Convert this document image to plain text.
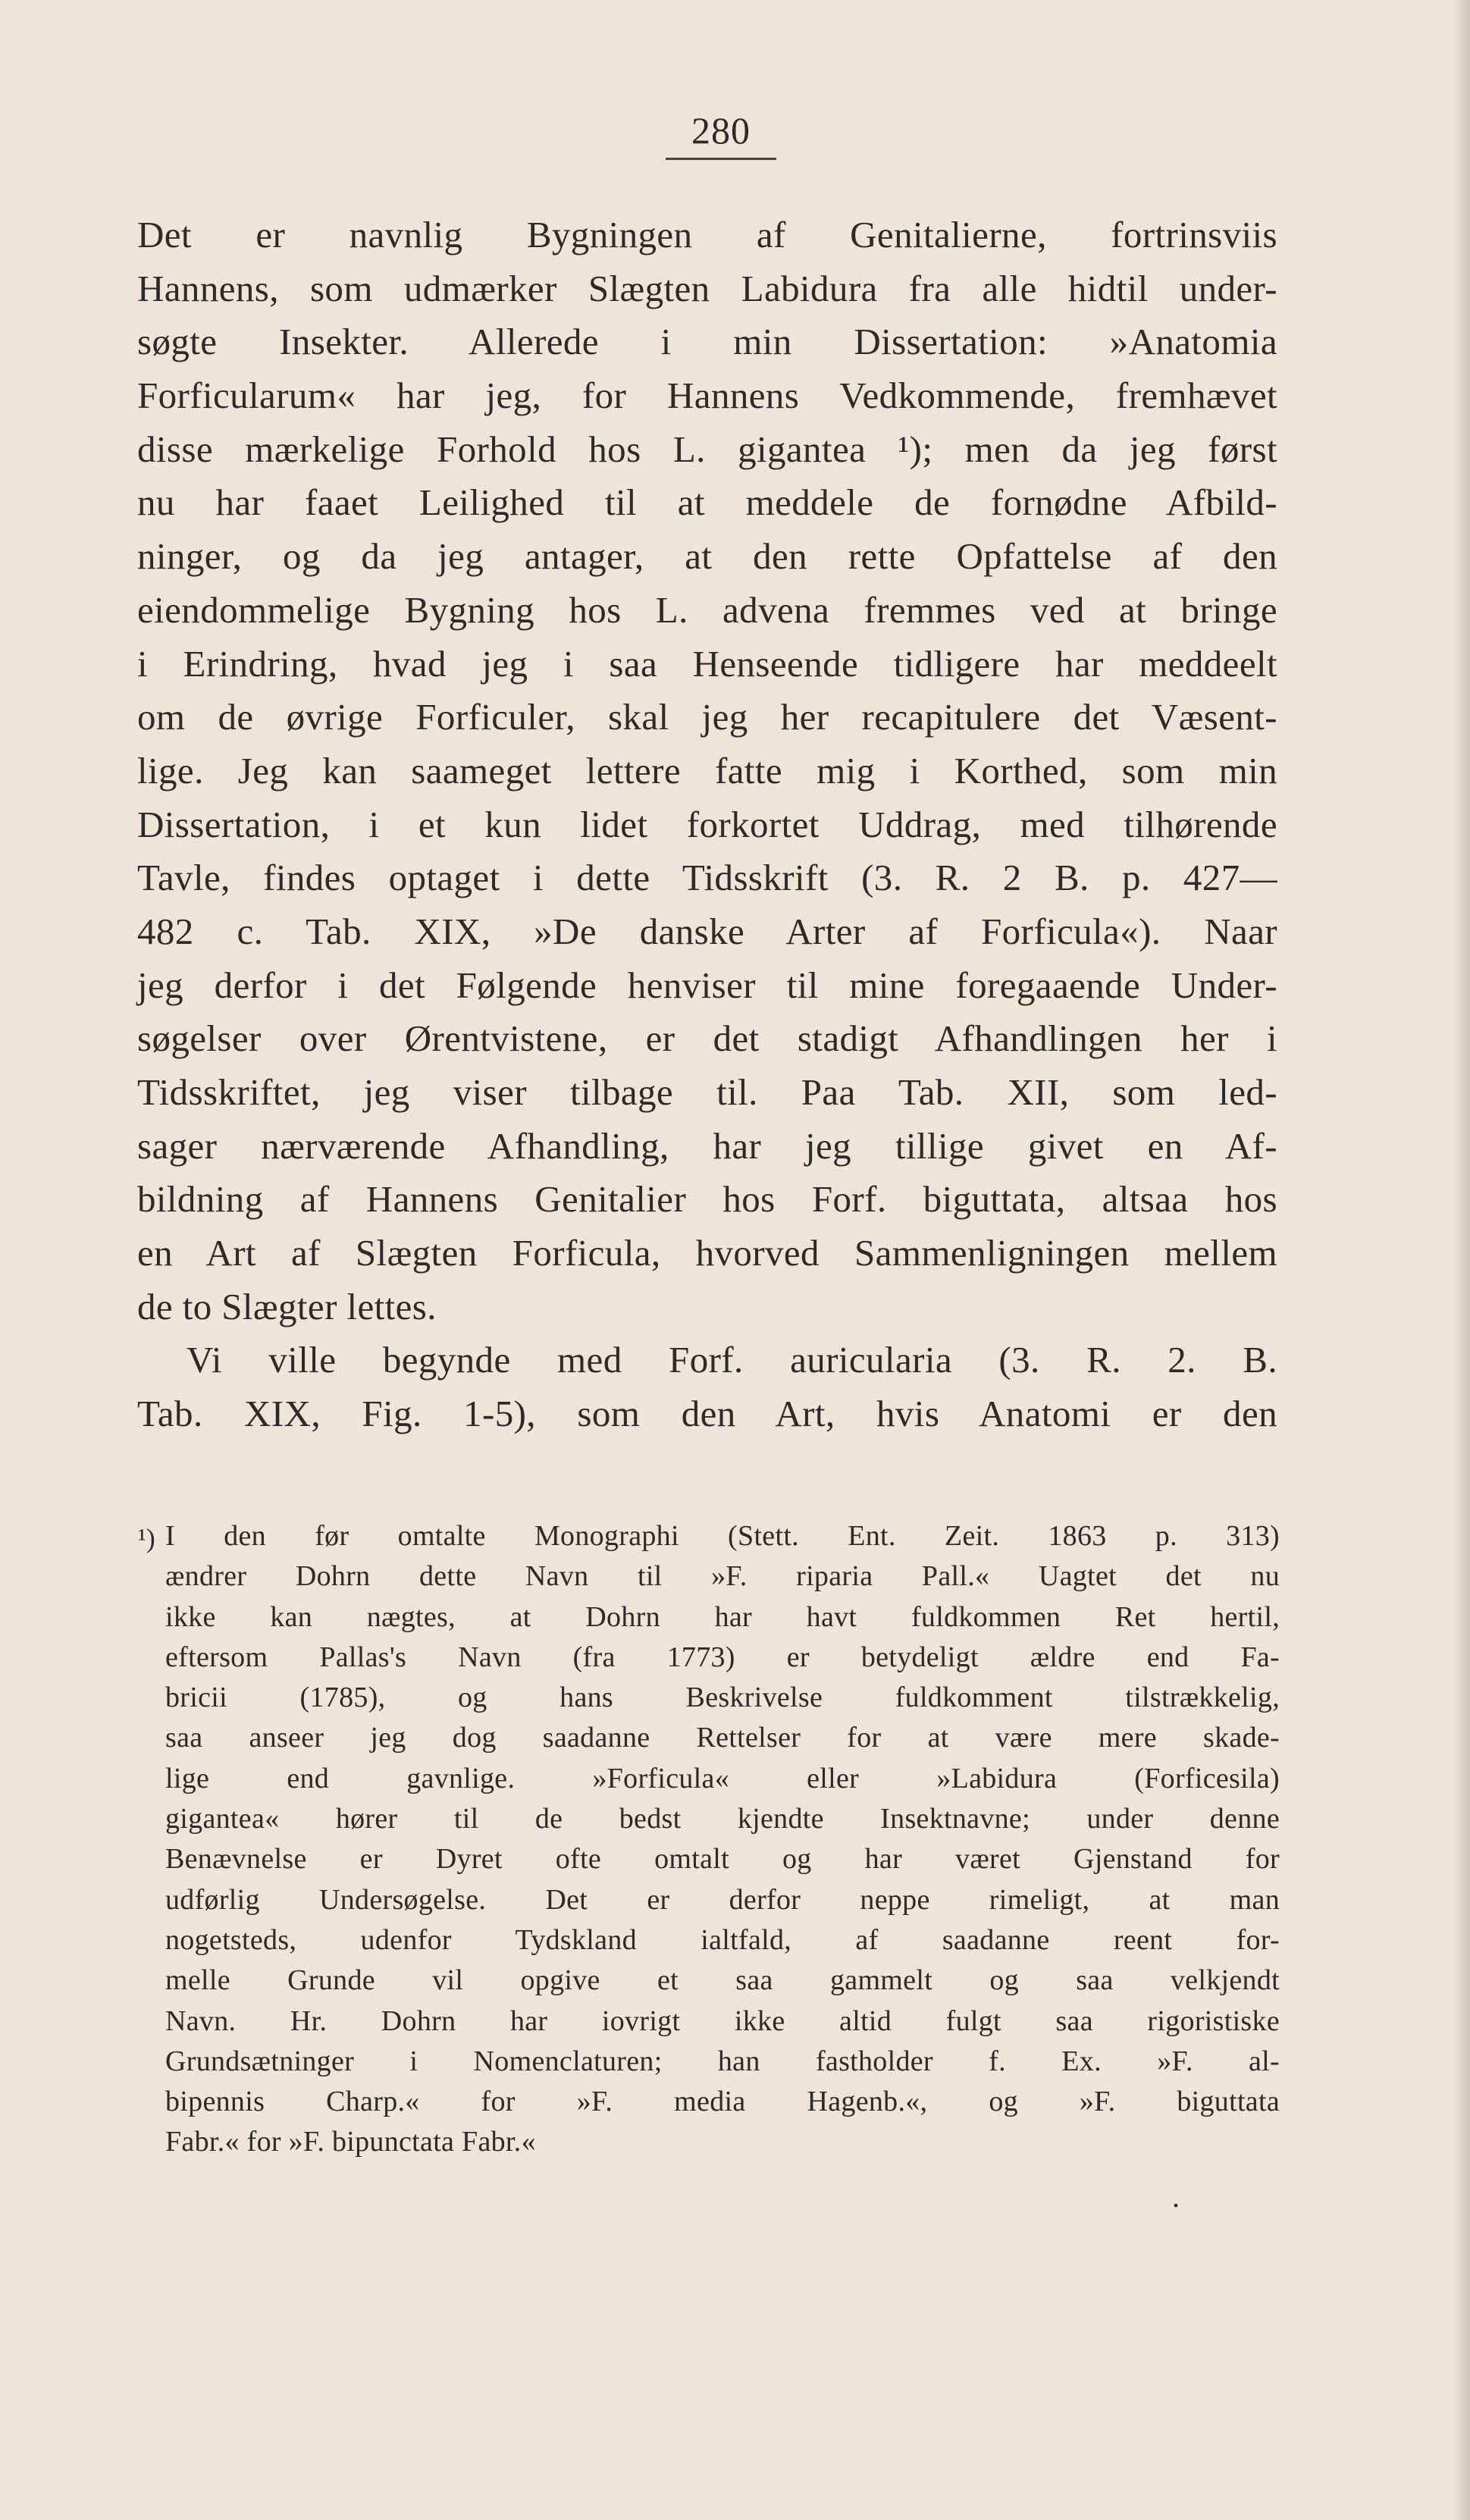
280
Det er navnlig Bygningen af Genitalierne, fortrinsviis
Hannens, som udmærker Slægten Labidura fra alle hidtil under-
søgte Insekter. Allerede i min Dissertation: »Anatomia
Forficularum« har jeg, for Hannens Vedkommende, fremhævet
disse mærkelige Forhold hos L. gigantea ¹); men da jeg først
nu har faaet Leilighed til at meddele de fornødne Afbild-
ninger, og da jeg antager, at den rette Opfattelse af den
eiendommelige Bygning hos L. advena fremmes ved at bringe
i Erindring, hvad jeg i saa Henseende tidligere har meddeelt
om de øvrige Forficuler, skal jeg her recapitulere det Væsent-
lige. Jeg kan saameget lettere fatte mig i Korthed, som min
Dissertation, i et kun lidet forkortet Uddrag, med tilhørende
Tavle, findes optaget i dette Tidsskrift (3. R. 2 B. p. 427—
482 c. Tab. XIX, »De danske Arter af Forficula«). Naar
jeg derfor i det Følgende henviser til mine foregaaende Under-
søgelser over Ørentvistene, er det stadigt Afhandlingen her i
Tidsskriftet, jeg viser tilbage til. Paa Tab. XII, som led-
sager nærværende Afhandling, har jeg tillige givet en Af-
bildning af Hannens Genitalier hos Forf. biguttata, altsaa hos
en Art af Slægten Forficula, hvorved Sammenligningen mellem
de to Slægter lettes.
Vi ville begynde med Forf. auricularia (3. R. 2. B.
Tab. XIX, Fig. 1-5), som den Art, hvis Anatomi er den
¹) I den før omtalte Monographi (Stett. Ent. Zeit. 1863 p. 313)
ændrer Dohrn dette Navn til »F. riparia Pall.« Uagtet det nu
ikke kan nægtes, at Dohrn har havt fuldkommen Ret hertil,
eftersom Pallas's Navn (fra 1773) er betydeligt ældre end Fa-
bricii (1785), og hans Beskrivelse fuldkomment tilstrækkelig,
saa anseer jeg dog saadanne Rettelser for at være mere skade-
lige end gavnlige. »Forficula« eller »Labidura (Forficesila)
gigantea« hører til de bedst kjendte Insektnavne; under denne
Benævnelse er Dyret ofte omtalt og har været Gjenstand for
udførlig Undersøgelse. Det er derfor neppe rimeligt, at man
nogetsteds, udenfor Tydskland ialtfald, af saadanne reent for-
melle Grunde vil opgive et saa gammelt og saa velkjendt
Navn. Hr. Dohrn har iovrigt ikke altid fulgt saa rigoristiske
Grundsætninger i Nomenclaturen; han fastholder f. Ex. »F. al-
bipennis Charp.« for »F. media Hagenb.«, og »F. biguttata
Fabr.« for »F. bipunctata Fabr.«
.
